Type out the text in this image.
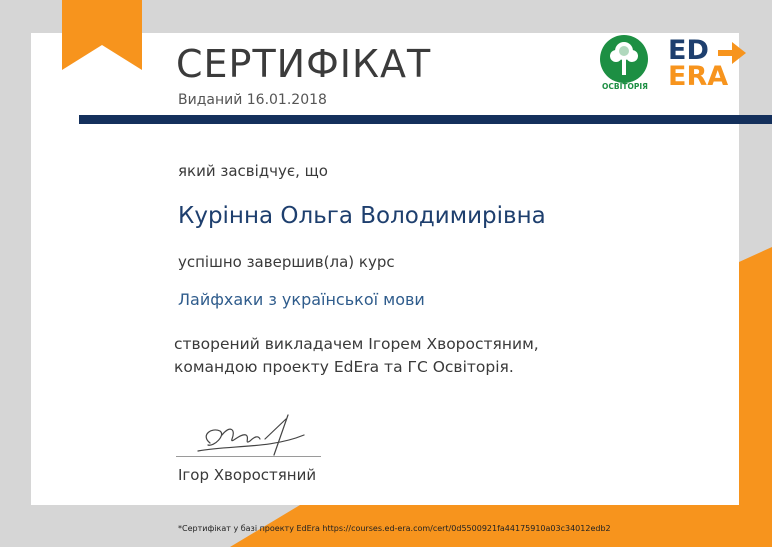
СЕРТИФІКАТ
Виданий 16.01.2018
ОСВІТОРІЯ
ED
ERA
який засвідчує, що
Курінна Ольга Володимирівна
успішно завершив(ла) курс
Лайфхаки з української мови
створений викладачем Ігорем Хворостяним,
командою проекту EdEra та ГС Освіторія.
Ігор Хворостяний
*Сертифікат у базі проекту EdEra https://courses.ed-era.com/cert/0d5500921fa44175910a03c34012edb2
